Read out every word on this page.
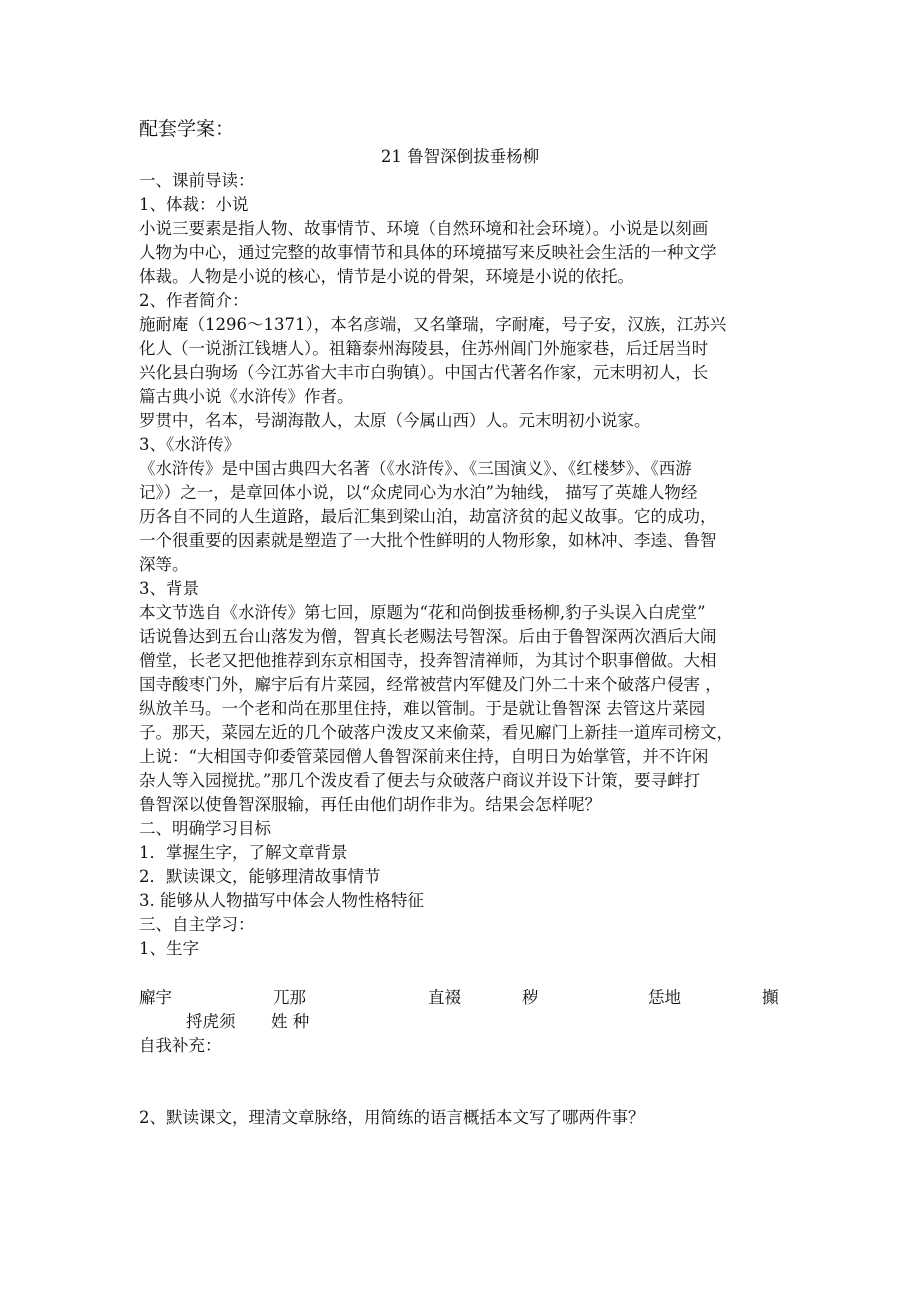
配套学案：
21 鲁智深倒拔垂杨柳
一、课前导读：
1、体裁：小说
小说三要素是指人物、故事情节、环境（自然环境和社会环境）。小说是以刻画
人物为中心，通过完整的故事情节和具体的环境描写来反映社会生活的一种文学
体裁。人物是小说的核心，情节是小说的骨架，环境是小说的依托。
2、作者简介：
施耐庵（1296～1371），本名彦端，又名肇瑞，字耐庵，号子安，汉族，江苏兴
化人（一说浙江钱塘人）。祖籍泰州海陵县，住苏州阊门外施家巷，后迁居当时
兴化县白驹场（今江苏省大丰市白驹镇）。中国古代著名作家，元末明初人，长
篇古典小说《水浒传》作者。
罗贯中，名本，号湖海散人，太原（今属山西）人。元末明初小说家。
3、《水浒传》
《水浒传》是中国古典四大名著（《水浒传》、《三国演义》、《红楼梦》、《西游
记》）之一，是章回体小说，以“众虎同心为水泊”为轴线， 描写了英雄人物经
历各自不同的人生道路，最后汇集到梁山泊，劫富济贫的起义故事。它的成功，
一个很重要的因素就是塑造了一大批个性鲜明的人物形象，如林冲、李逵、鲁智
深等。
3、背景
本文节选自《水浒传》第七回，原题为“花和尚倒拔垂杨柳,豹子头误入白虎堂”
话说鲁达到五台山落发为僧，智真长老赐法号智深。后由于鲁智深两次酒后大闹
僧堂，长老又把他推荐到东京相国寺，投奔智清禅师，为其讨个职事僧做。大相
国寺酸枣门外，廨宇后有片菜园，经常被营内军健及门外二十来个破落户侵害 ，
纵放羊马。一个老和尚在那里住持，难以管制。于是就让鲁智深 去管这片菜园
子。那天，菜园左近的几个破落户泼皮又来偷菜，看见廨门上新挂一道库司榜文，
上说：“大相国寺仰委管菜园僧人鲁智深前来住持，自明日为始掌管，并不许闲
杂人等入园搅扰。”那几个泼皮看了便去与众破落户商议并设下计策，要寻衅打
鲁智深以使鲁智深服输，再任由他们胡作非为。结果会怎样呢？
二、明确学习目标
1．掌握生字，了解文章背景
2．默读课文，能够理清故事情节
3. 能够从人物描写中体会人物性格特征
三、自主学习：
1、生字
廨宇	兀那	直裰	秽	恁地	攧
捋虎须 姓 种
自我补充：
2、默读课文，理清文章脉络，用简练的语言概括本文写了哪两件事？
